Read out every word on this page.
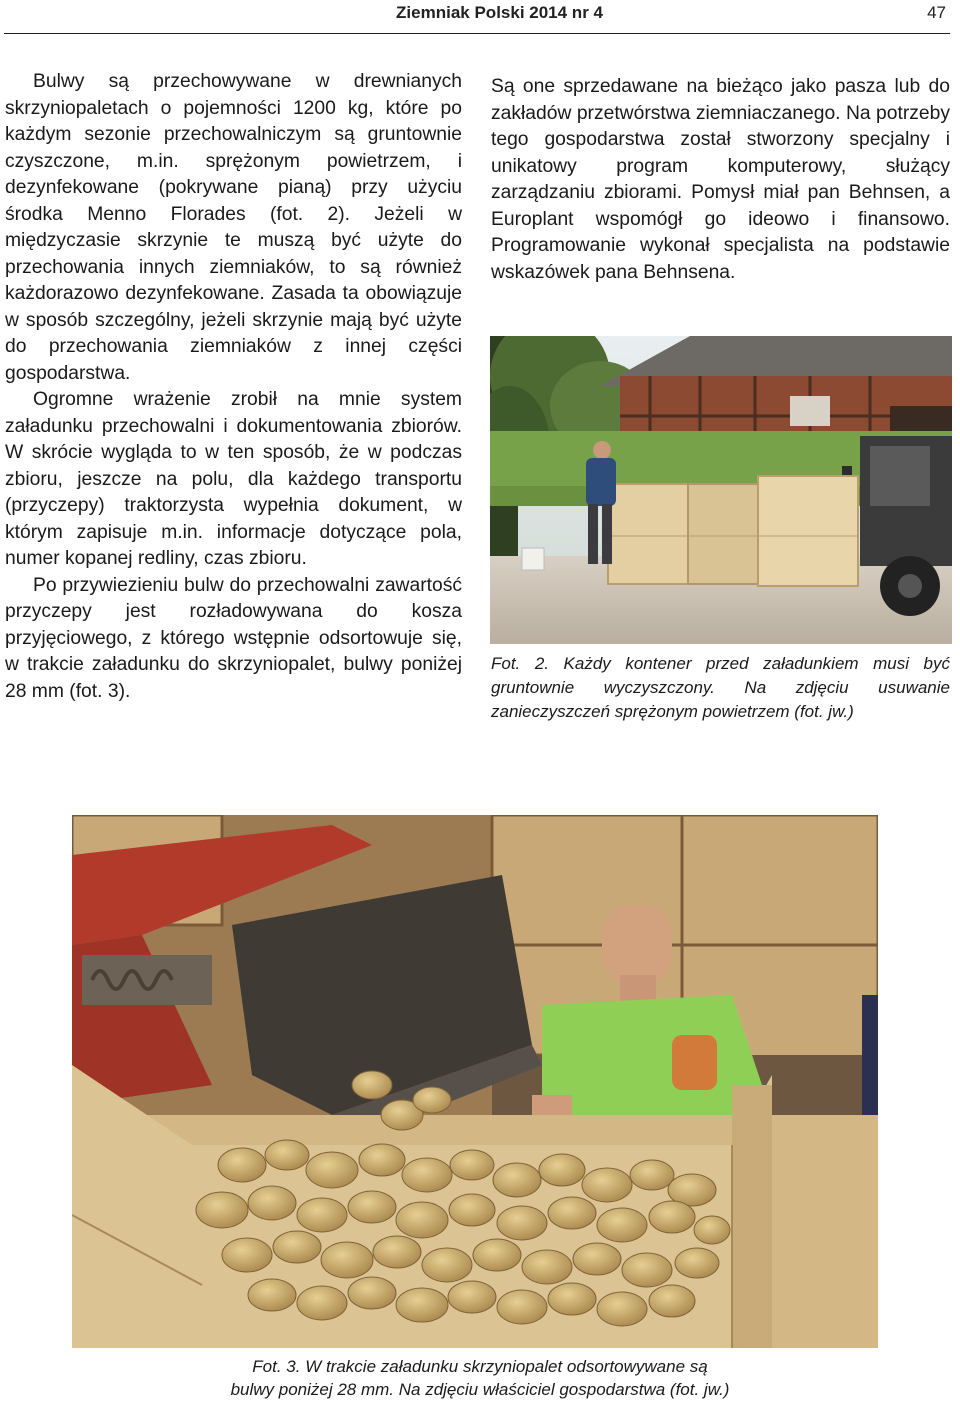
Ziemniak Polski 2014 nr 4	47

Bulwy są przechowywane w drewnianych skrzyniopaletach o pojemności 1200 kg, które po każdym sezonie przechowalniczym są gruntownie czyszczone, m.in. sprężonym powietrzem, i dezynfekowane (pokrywane pianą) przy użyciu środka Menno Florades (fot. 2). Jeżeli w międzyczasie skrzynie te muszą być użyte do przechowania innych ziemniaków, to są również każdorazowo dezynfekowane. Zasada ta obowiązuje w sposób szczególny, jeżeli skrzynie mają być użyte do przechowania ziemniaków z innej części gospodarstwa.

Ogromne wrażenie zrobił na mnie system załadunku przechowalni i dokumentowania zbiorów. W skrócie wygląda to w ten sposób, że w podczas zbioru, jeszcze na polu, dla każdego transportu (przyczepy) traktorzysta wypełnia dokument, w którym zapisuje m.in. informacje dotyczące pola, numer kopanej redliny, czas zbioru.

Po przywiezieniu bulw do przechowalni zawartość przyczepy jest rozładowywana do kosza przyjęciowego, z którego wstępnie odsortowuje się, w trakcie załadunku do skrzyniopalet, bulwy poniżej 28 mm (fot. 3).

Są one sprzedawane na bieżąco jako pasza lub do zakładów przetwórstwa ziemniaczanego. Na potrzeby tego gospodarstwa został stworzony specjalny i unikatowy program komputerowy, służący zarządzaniu zbiorami. Pomysł miał pan Behnsen, a Europlant wspomógł go ideowo i finansowo. Programowanie wykonał specjalista na podstawie wskazówek pana Behnsena.

Fot. 2. Każdy kontener przed załadunkiem musi być gruntownie wyczyszczony. Na zdjęciu usuwanie zanieczyszczeń sprężonym powietrzem (fot. jw.)
Fot. 3. W trakcie załadunku skrzyniopalet odsortowywane są
bulwy poniżej 28 mm. Na zdjęciu właściciel gospodarstwa (fot. jw.)
